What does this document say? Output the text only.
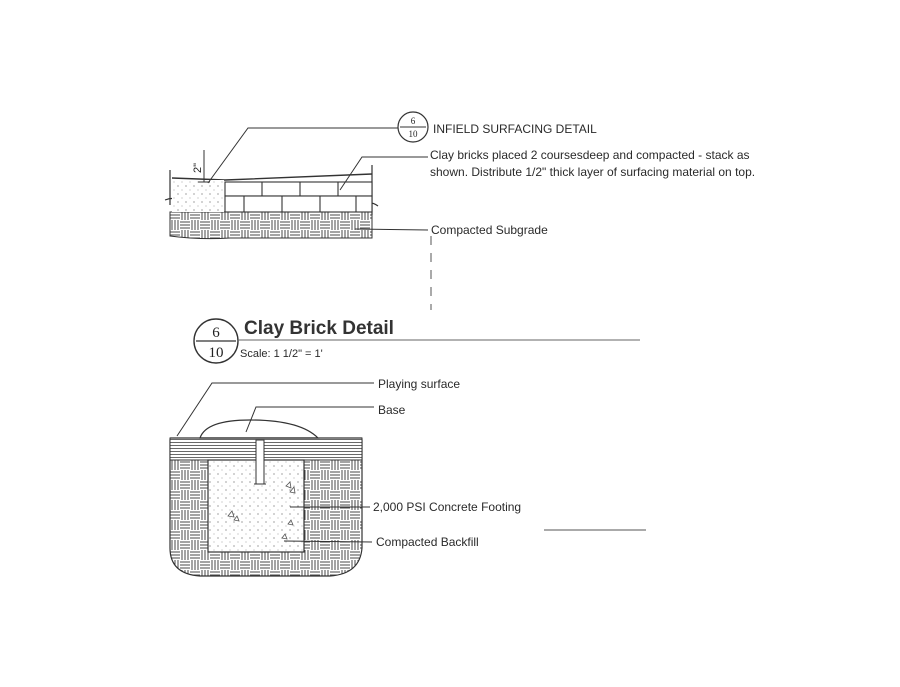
6
10
2"
6
10
INFIELD SURFACING DETAIL
Clay bricks placed 2 coursesdeep and compacted - stack as shown. Distribute 1/2" thick layer of surfacing material on top.
Compacted Subgrade
Clay Brick Detail
Scale: 1 1/2" = 1'
Playing surface
Base
2,000 PSI Concrete Footing
Compacted Backfill
